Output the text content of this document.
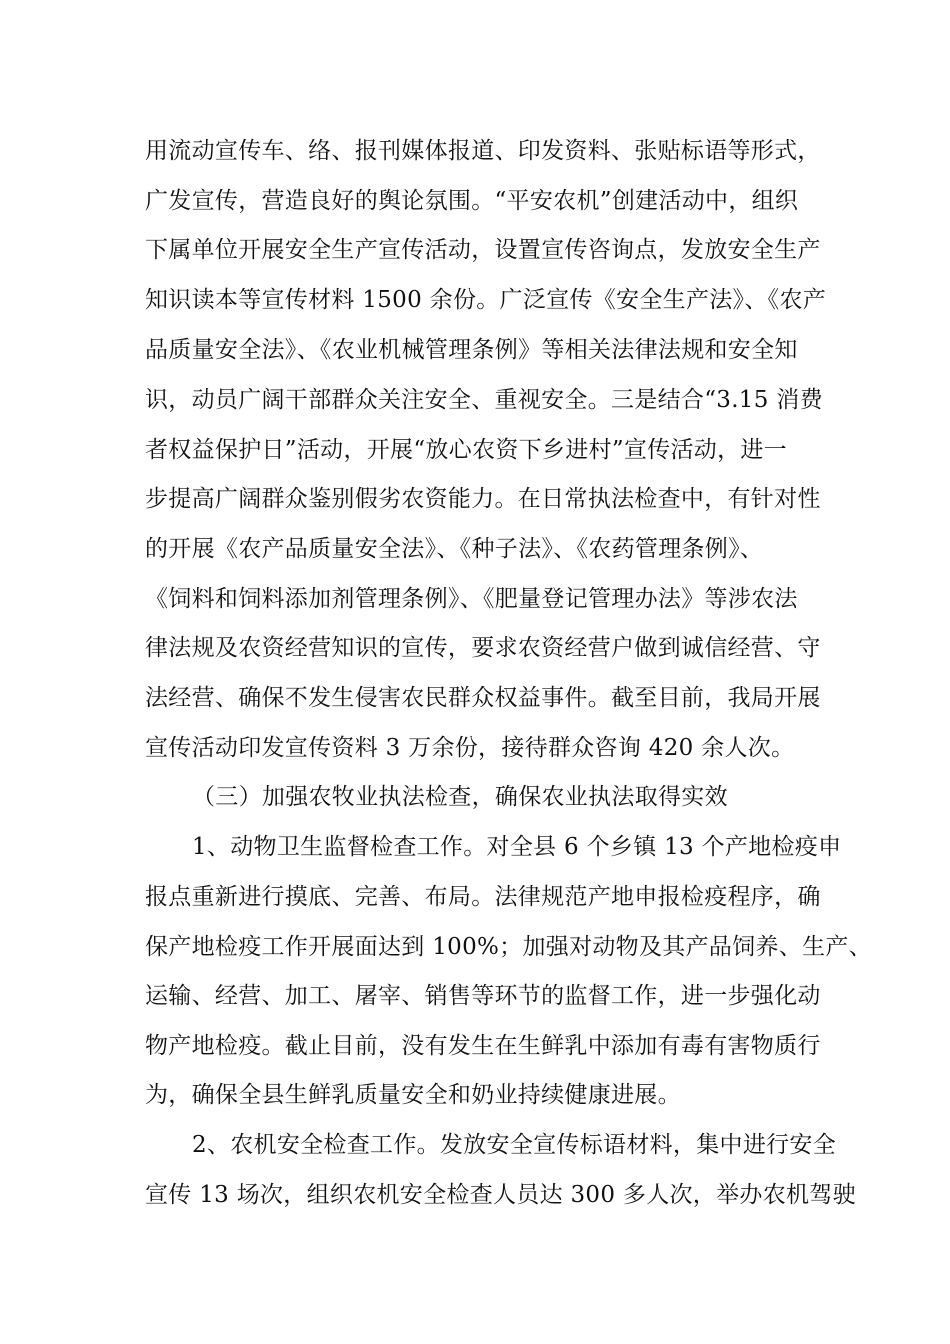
用流动宣传车、络、报刊媒体报道、印发资料、张贴标语等形式，
广发宣传，营造良好的舆论氛围。“平安农机”创建活动中，组织
下属单位开展安全生产宣传活动，设置宣传咨询点，发放安全生产
知识读本等宣传材料 1500 余份。广泛宣传《安全生产法》、《农产
品质量安全法》、《农业机械管理条例》等相关法律法规和安全知
识，动员广阔干部群众关注安全、重视安全。三是结合“3.15 消费
者权益保护日”活动，开展“放心农资下乡进村”宣传活动，进一
步提高广阔群众鉴别假劣农资能力。在日常执法检查中，有针对性
的开展《农产品质量安全法》、《种子法》、《农药管理条例》、
《饲料和饲料添加剂管理条例》、《肥量登记管理办法》等涉农法
律法规及农资经营知识的宣传，要求农资经营户做到诚信经营、守
法经营、确保不发生侵害农民群众权益事件。截至目前，我局开展
宣传活动印发宣传资料 3 万余份，接待群众咨询 420 余人次。
（三）加强农牧业执法检查，确保农业执法取得实效
1、动物卫生监督检查工作。对全县 6 个乡镇 13 个产地检疫申
报点重新进行摸底、完善、布局。法律规范产地申报检疫程序，确
保产地检疫工作开展面达到 100%；加强对动物及其产品饲养、生产、
运输、经营、加工、屠宰、销售等环节的监督工作，进一步强化动
物产地检疫。截止目前，没有发生在生鲜乳中添加有毒有害物质行
为，确保全县生鲜乳质量安全和奶业持续健康进展。
2、农机安全检查工作。发放安全宣传标语材料，集中进行安全
宣传 13 场次，组织农机安全检查人员达 300 多人次，举办农机驾驶
